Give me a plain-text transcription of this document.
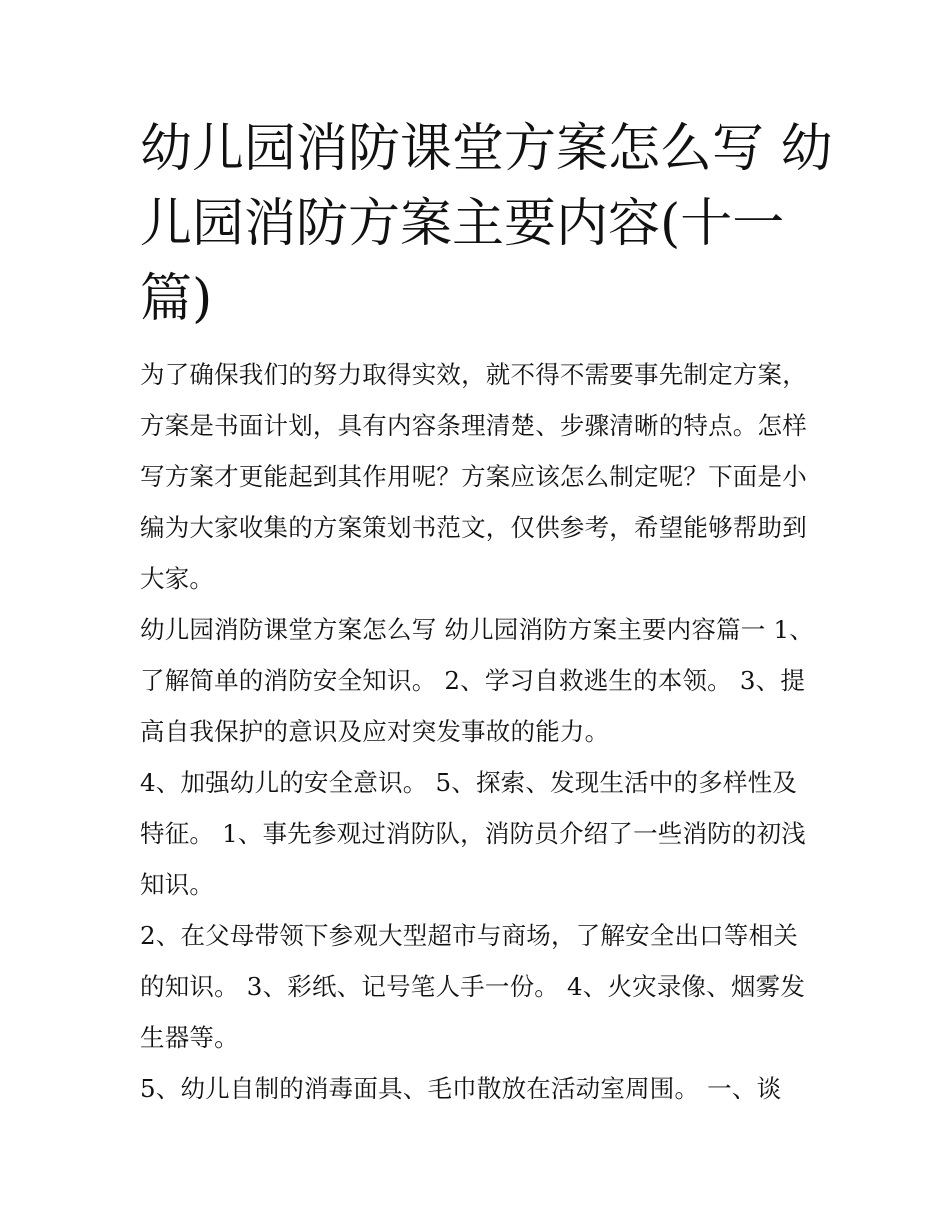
幼儿园消防课堂方案怎么写 幼
儿园消防方案主要内容(十一
篇)
为了确保我们的努力取得实效，就不得不需要事先制定方案，
方案是书面计划，具有内容条理清楚、步骤清晰的特点。怎样
写方案才更能起到其作用呢？方案应该怎么制定呢？下面是小
编为大家收集的方案策划书范文，仅供参考，希望能够帮助到
大家。
幼儿园消防课堂方案怎么写 幼儿园消防方案主要内容篇一 1、
了解简单的消防安全知识。 2、学习自救逃生的本领。 3、提
高自我保护的意识及应对突发事故的能力。
4、加强幼儿的安全意识。 5、探索、发现生活中的多样性及
特征。 1、事先参观过消防队，消防员介绍了一些消防的初浅
知识。
2、在父母带领下参观大型超市与商场，了解安全出口等相关
的知识。 3、彩纸、记号笔人手一份。 4、火灾录像、烟雾发
生器等。
5、幼儿自制的消毒面具、毛巾散放在活动室周围。 一、谈
